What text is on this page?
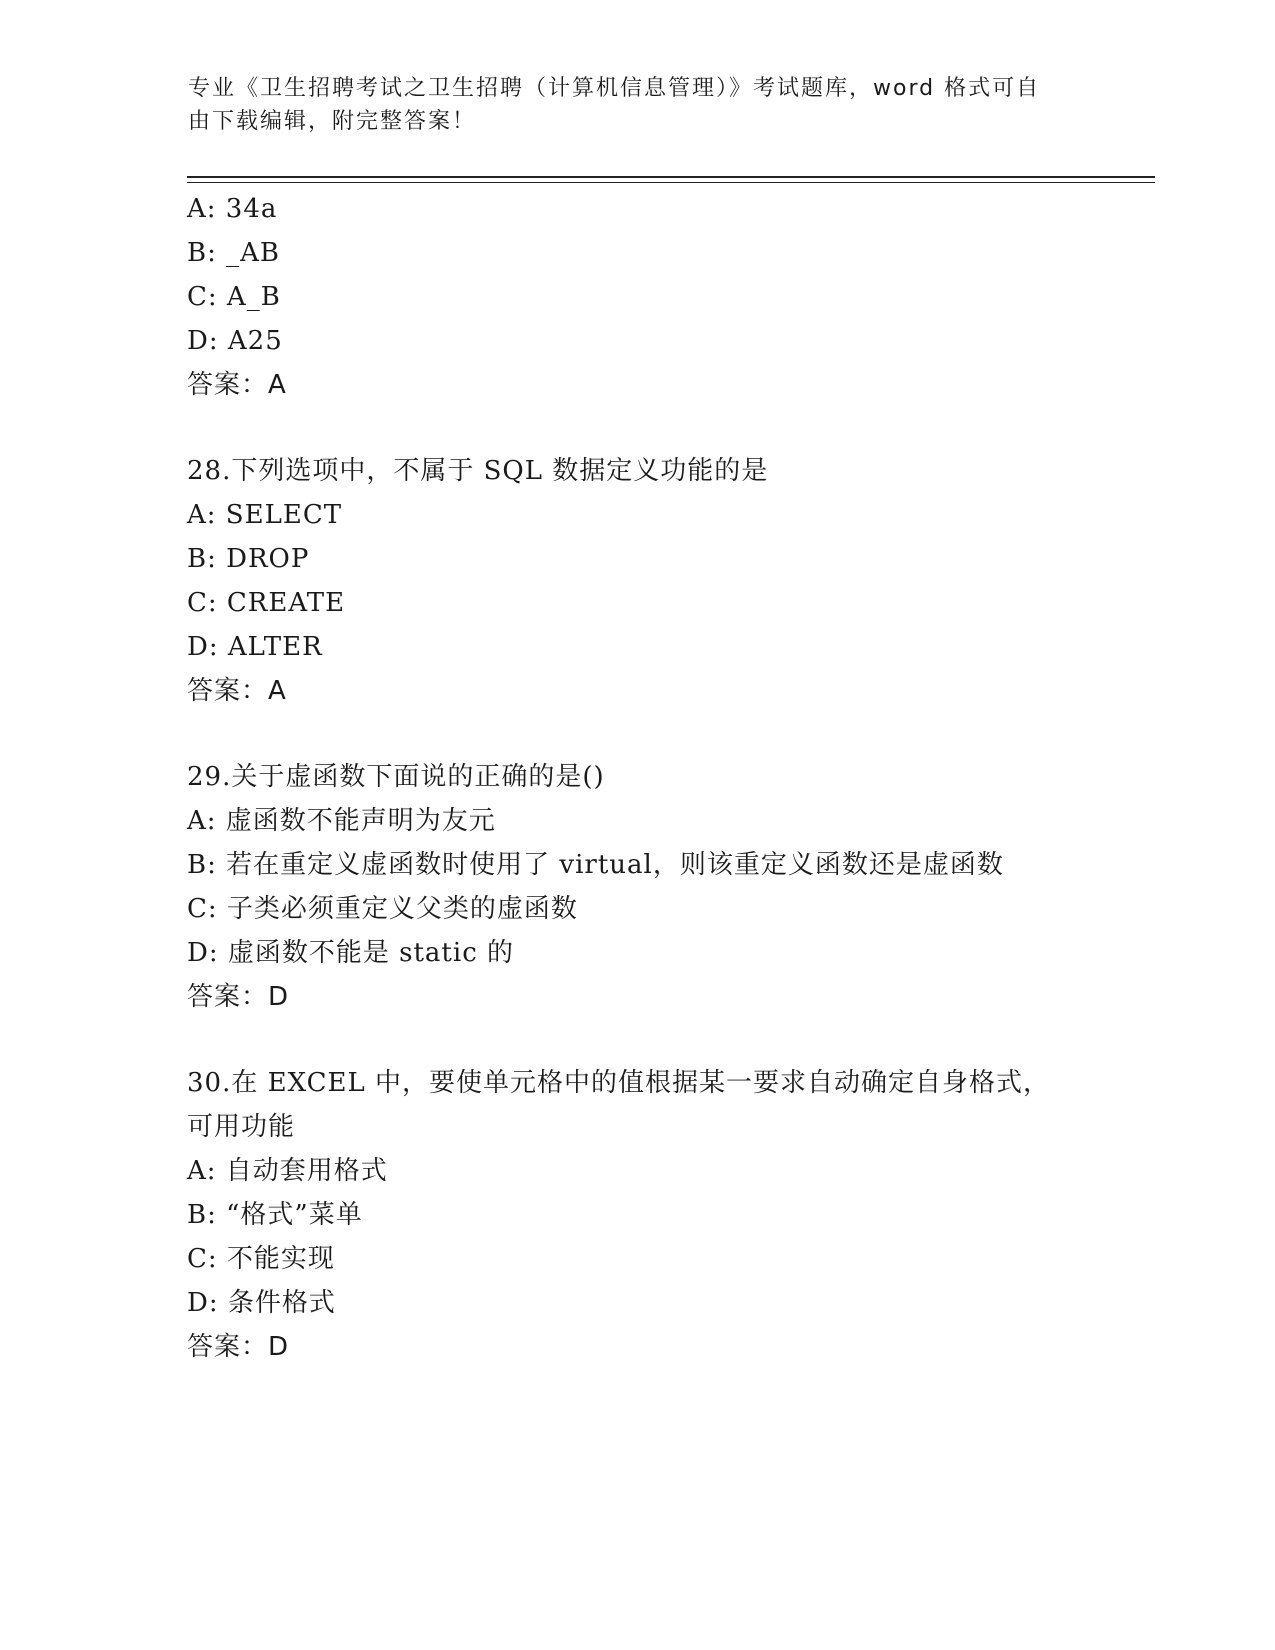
专业《卫生招聘考试之卫生招聘（计算机信息管理）》考试题库，word 格式可自
由下载编辑，附完整答案！
A: 34a
B: _AB
C: A_B
D: A25
答案：A
28.下列选项中，不属于 SQL 数据定义功能的是
A: SELECT
B: DROP
C: CREATE
D: ALTER
答案：A
29.关于虚函数下面说的正确的是()
A: 虚函数不能声明为友元
B: 若在重定义虚函数时使用了 virtual，则该重定义函数还是虚函数
C: 子类必须重定义父类的虚函数
D: 虚函数不能是 static 的
答案：D
30.在 EXCEL 中，要使单元格中的值根据某一要求自动确定自身格式，
可用功能
A: 自动套用格式
B: “格式”菜单
C: 不能实现
D: 条件格式
答案：D
